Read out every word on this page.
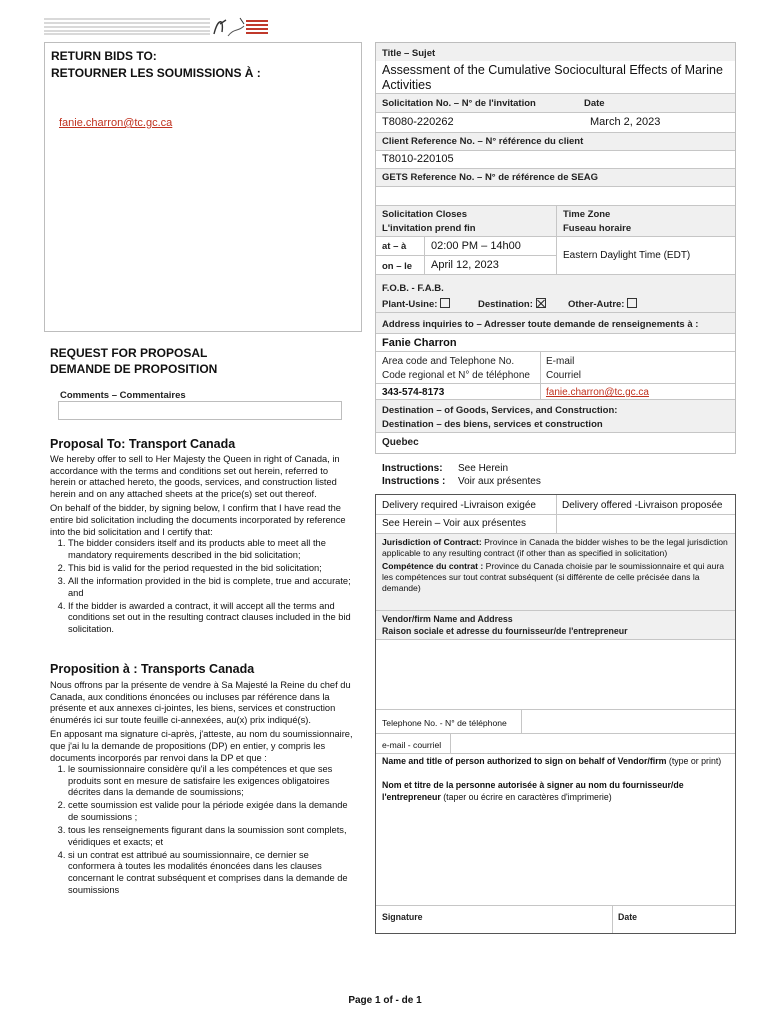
RETURN BIDS TO:
RETOURNER LES SOUMISSIONS À :
fanie.charron@tc.gc.ca
REQUEST FOR PROPOSAL
DEMANDE DE PROPOSITION
Comments – Commentaires
Proposal To: Transport Canada

We hereby offer to sell to Her Majesty the Queen in right of Canada, in accordance with the terms and conditions set out herein, referred to herein or attached hereto, the goods, services, and construction listed herein and on any attached sheets at the price(s) set out thereof.

On behalf of the bidder, by signing below, I confirm that I have read the entire bid solicitation including the documents incorporated by reference into the bid solicitation and I certify that:

1. The bidder considers itself and its products able to meet all the mandatory requirements described in the bid solicitation;
2. This bid is valid for the period requested in the bid solicitation;
3. All the information provided in the bid is complete, true and accurate; and
4. If the bidder is awarded a contract, it will accept all the terms and conditions set out in the resulting contract clauses included in the bid solicitation.
Proposition à : Transports Canada

Nous offrons par la présente de vendre à Sa Majesté la Reine du chef du Canada, aux conditions énoncées ou incluses par référence dans la présente et aux annexes ci-jointes, les biens, services et construction énumérés ici sur toute feuille ci-annexées, au(x) prix indiqué(s).

En apposant ma signature ci-après, j'atteste, au nom du soumissionnaire, que j'ai lu la demande de propositions (DP) en entier, y compris les documents incorporés par renvoi dans la DP et que :

1. le soumissionnaire considère qu'il a les compétences et que ses produits sont en mesure de satisfaire les exigences obligatoires décrites dans la demande de soumissions;
2. cette soumission est valide pour la période exigée dans la demande de soumissions ;
3. tous les renseignements figurant dans la soumission sont complets, véridiques et exacts; et
4. si un contrat est attribué au soumissionnaire, ce dernier se conformera à toutes les modalités énoncées dans les clauses concernant le contrat subséquent et comprises dans la demande de soumissions
Title – Sujet
Assessment of the Cumulative Sociocultural Effects of Marine Activities
Solicitation No. – N° de l'invitation	Date
T8080-220262	March 2, 2023
Client Reference No. – N° référence du client
T8010-220105
GETS Reference No. – N° de référence de SEAG
Solicitation Closes
L'invitation prend fin
Time Zone
Fuseau horaire
at – à 02:00 PM – 14h00
on – le April 12, 2023
Eastern Daylight Time (EDT)
F.O.B. - F.A.B.
Plant-Usine:	Destination:	Other-Autre:
Address inquiries to – Adresser toute demande de renseignements à :
Fanie Charron
Area code and Telephone No.
Code regional et N° de téléphone
E-mail
Courriel
343-574-8173	fanie.charron@tc.gc.ca
Destination – of Goods, Services, and Construction:
Destination – des biens, services et construction
Quebec
Instructions: See Herein
Instructions : Voir aux présentes
Delivery required -Livraison exigée	Delivery offered -Livraison proposée
See Herein – Voir aux présentes
Jurisdiction of Contract: Province in Canada the bidder wishes to be the legal jurisdiction applicable to any resulting contract (if other than as specified in solicitation)
Compétence du contrat : Province du Canada choisie par le soumissionnaire et qui aura les compétences sur tout contrat subséquent (si différente de celle précisée dans la demande)
Vendor/firm Name and Address
Raison sociale et adresse du fournisseur/de l'entrepreneur
Telephone No. - N° de téléphone
e-mail - courriel
Name and title of person authorized to sign on behalf of Vendor/firm (type or print)
Nom et titre de la personne autorisée à signer au nom du fournisseur/de l'entrepreneur (taper ou écrire en caractères d'imprimerie)
Signature	Date
Page 1 of - de 1
